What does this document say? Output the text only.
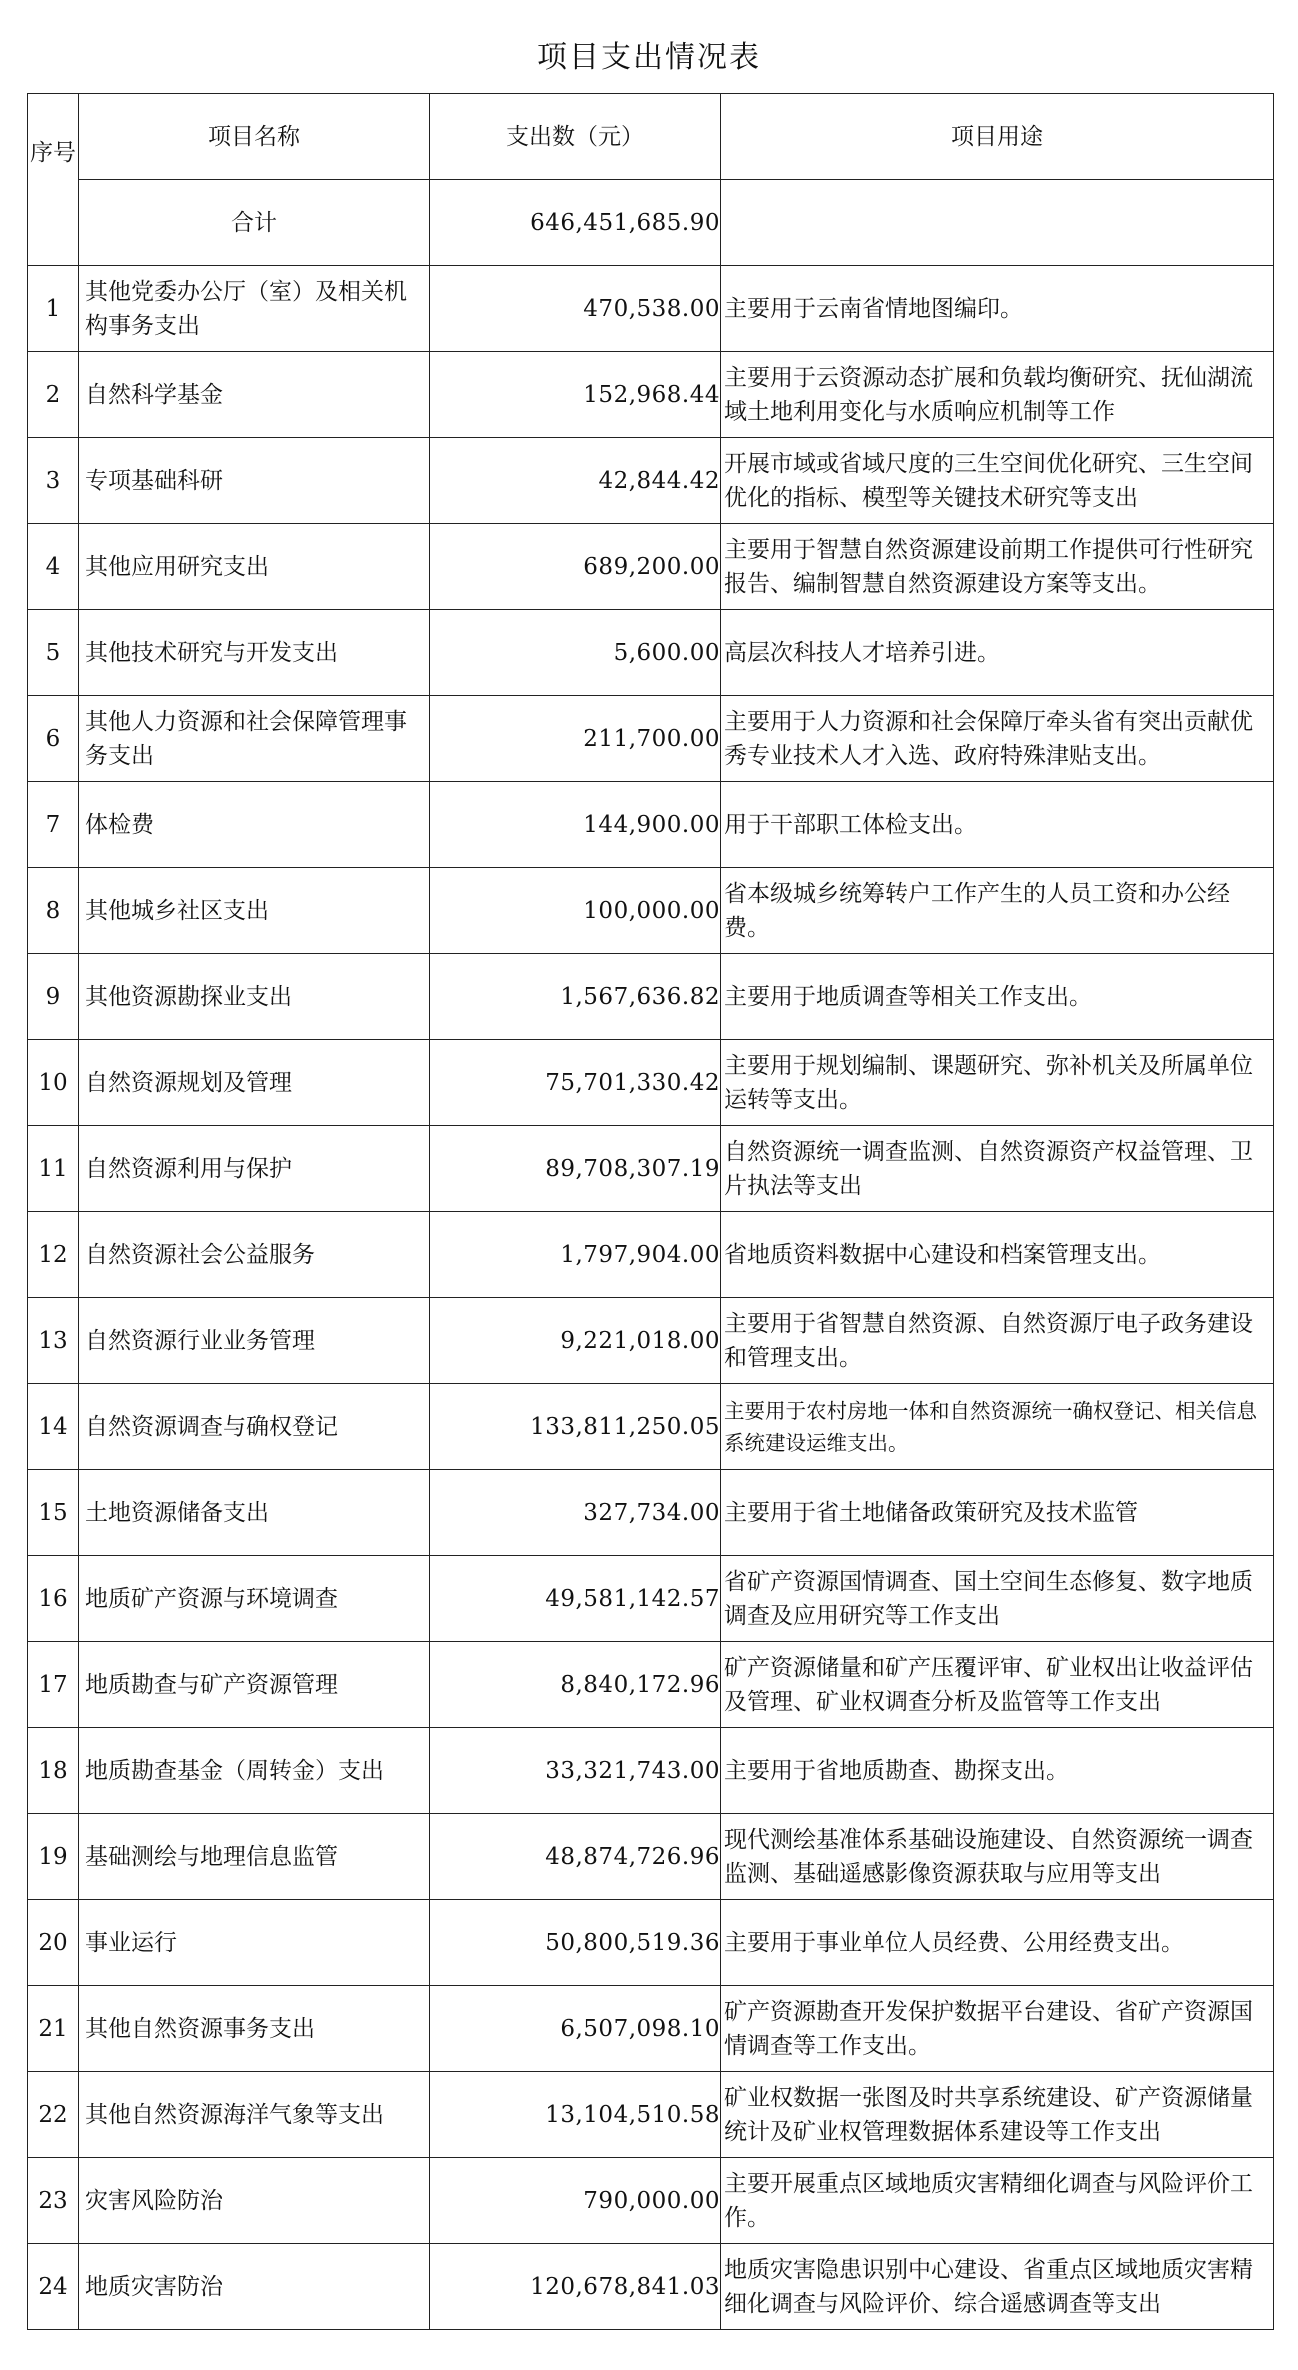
项目支出情况表
序号	项目名称	支出数（元）	项目用途
	合计	646,451,685.90	
1	其他党委办公厅（室）及相关机构事务支出	470,538.00	主要用于云南省情地图编印。
2	自然科学基金	152,968.44	主要用于云资源动态扩展和负载均衡研究、抚仙湖流域土地利用变化与水质响应机制等工作
3	专项基础科研	42,844.42	开展市域或省域尺度的三生空间优化研究、三生空间优化的指标、模型等关键技术研究等支出
4	其他应用研究支出	689,200.00	主要用于智慧自然资源建设前期工作提供可行性研究报告、编制智慧自然资源建设方案等支出。
5	其他技术研究与开发支出	5,600.00	高层次科技人才培养引进。
6	其他人力资源和社会保障管理事务支出	211,700.00	主要用于人力资源和社会保障厅牵头省有突出贡献优秀专业技术人才入选、政府特殊津贴支出。
7	体检费	144,900.00	用于干部职工体检支出。
8	其他城乡社区支出	100,000.00	省本级城乡统筹转户工作产生的人员工资和办公经费。
9	其他资源勘探业支出	1,567,636.82	主要用于地质调查等相关工作支出。
10	自然资源规划及管理	75,701,330.42	主要用于规划编制、课题研究、弥补机关及所属单位运转等支出。
11	自然资源利用与保护	89,708,307.19	自然资源统一调查监测、自然资源资产权益管理、卫片执法等支出
12	自然资源社会公益服务	1,797,904.00	省地质资料数据中心建设和档案管理支出。
13	自然资源行业业务管理	9,221,018.00	主要用于省智慧自然资源、自然资源厅电子政务建设和管理支出。
14	自然资源调查与确权登记	133,811,250.05	主要用于农村房地一体和自然资源统一确权登记、相关信息系统建设运维支出。
15	土地资源储备支出	327,734.00	主要用于省土地储备政策研究及技术监管
16	地质矿产资源与环境调查	49,581,142.57	省矿产资源国情调查、国土空间生态修复、数字地质调查及应用研究等工作支出
17	地质勘查与矿产资源管理	8,840,172.96	矿产资源储量和矿产压覆评审、矿业权出让收益评估及管理、矿业权调查分析及监管等工作支出
18	地质勘查基金（周转金）支出	33,321,743.00	主要用于省地质勘查、勘探支出。
19	基础测绘与地理信息监管	48,874,726.96	现代测绘基准体系基础设施建设、自然资源统一调查监测、基础遥感影像资源获取与应用等支出
20	事业运行	50,800,519.36	主要用于事业单位人员经费、公用经费支出。
21	其他自然资源事务支出	6,507,098.10	矿产资源勘查开发保护数据平台建设、省矿产资源国情调查等工作支出。
22	其他自然资源海洋气象等支出	13,104,510.58	矿业权数据一张图及时共享系统建设、矿产资源储量统计及矿业权管理数据体系建设等工作支出
23	灾害风险防治	790,000.00	主要开展重点区域地质灾害精细化调查与风险评价工作。
24	地质灾害防治	120,678,841.03	地质灾害隐患识别中心建设、省重点区域地质灾害精细化调查与风险评价、综合遥感调查等支出
